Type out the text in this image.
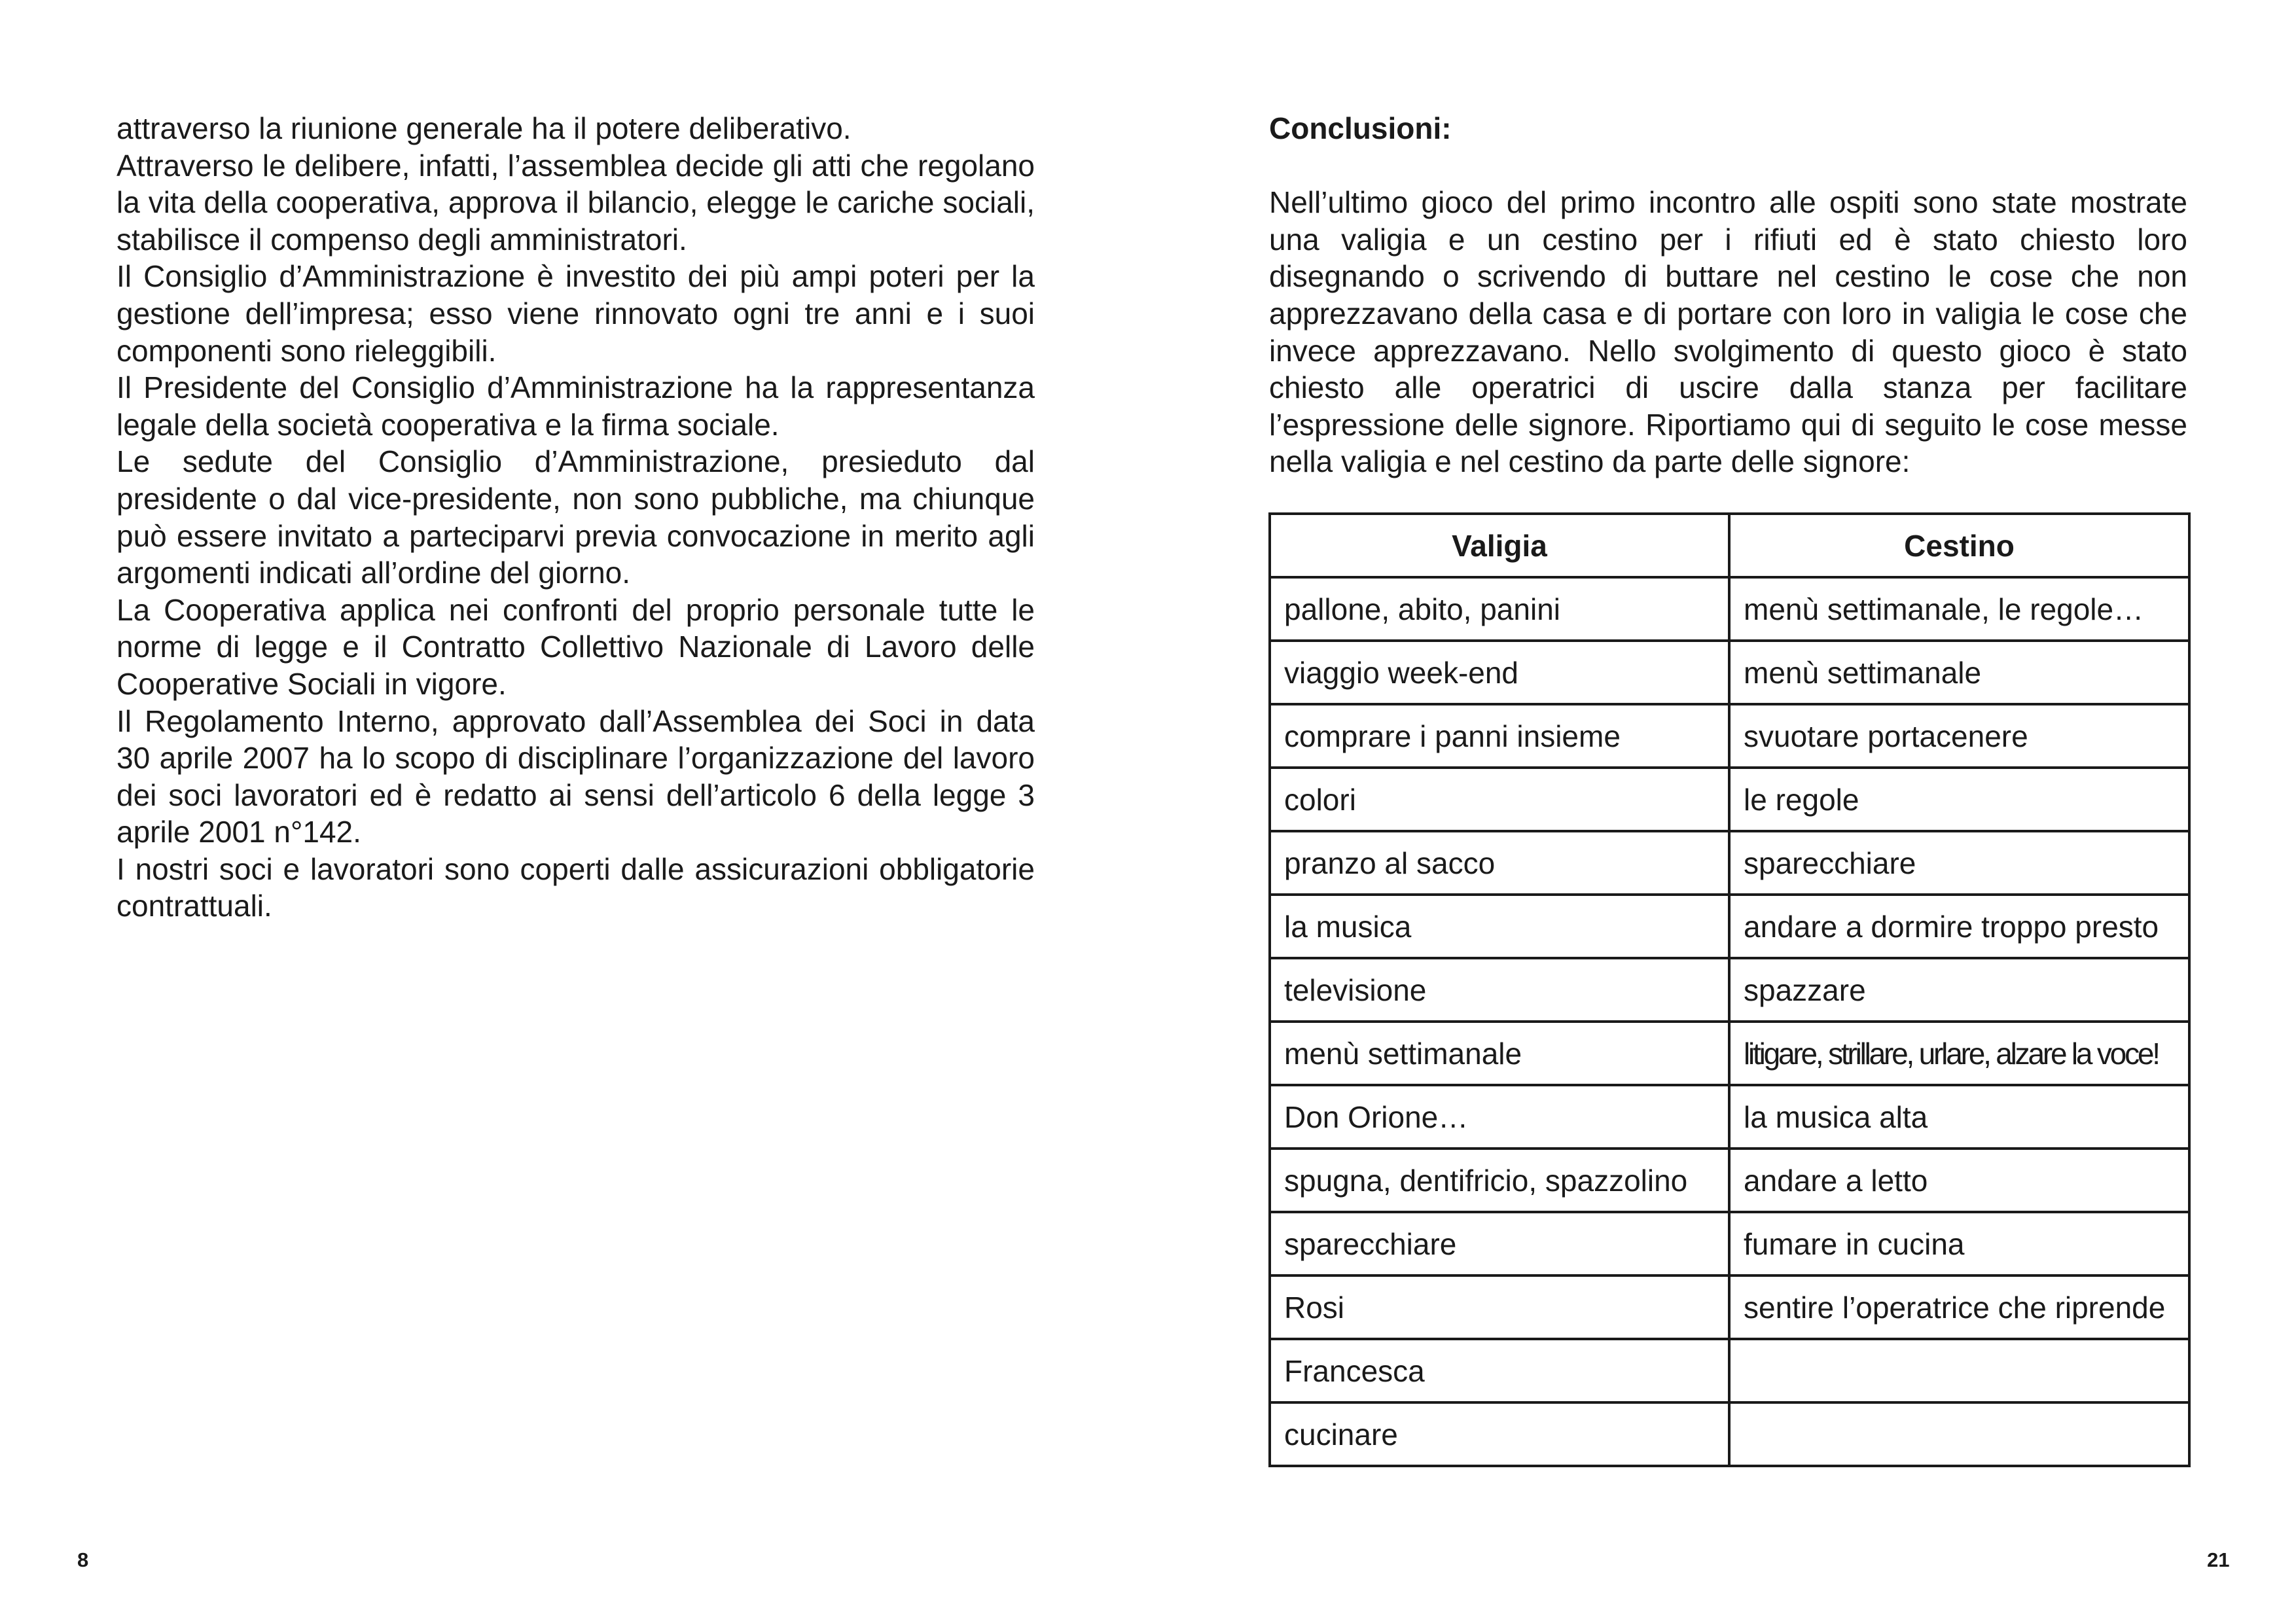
attraverso la riunione generale ha il potere deliberativo.

Attraverso le delibere, infatti, l’assemblea decide gli atti che regolano la vita della cooperativa, approva il bilancio, elegge le cariche sociali, stabilisce il compenso degli amministratori.

Il Consiglio d’Amministrazione è investito dei più ampi poteri per la gestione dell’impresa; esso viene rinnovato ogni tre anni e i suoi componenti sono rieleggibili.

Il Presidente del Consiglio d’Amministrazione ha la rappresentanza legale della società cooperativa e la firma sociale.

Le sedute del Consiglio d’Amministrazione, presieduto dal presidente o dal vice-presidente, non sono pubbliche, ma chiunque può essere invitato a parteciparvi previa convocazione in merito agli argomenti indicati all’ordine del giorno.

La Cooperativa applica nei confronti del proprio personale tutte le norme di legge e il Contratto Collettivo Nazionale di Lavoro delle Cooperative Sociali in vigore.

Il Regolamento Interno, approvato dall’Assemblea dei Soci in data 30 aprile 2007 ha lo scopo di disciplinare l’organizzazione del lavoro dei soci lavoratori ed è redatto ai sensi dell’articolo 6 della legge 3 aprile 2001 n°142.

I nostri soci e lavoratori sono coperti dalle assicurazioni obbligatorie contrattuali.

8

Conclusioni:

Nell’ultimo gioco del primo incontro alle ospiti sono state mostrate una valigia e un cestino per i rifiuti ed è stato chiesto loro disegnando o scrivendo di buttare nel cestino le cose che non apprezzavano della casa e di portare con loro in valigia le cose che invece apprezzavano. Nello svolgimento di questo gioco è stato chiesto alle operatrici di uscire dalla stanza per facilitare l’espressione delle signore. Riportiamo qui di seguito le cose messe nella valigia e nel cestino da parte delle signore:

Valigia	Cestino
pallone, abito, panini	menù settimanale, le regole…
viaggio week-end	menù settimanale
comprare i panni insieme	svuotare portacenere
colori	le regole
pranzo al sacco	sparecchiare
la musica	andare a dormire troppo presto
televisione	spazzare
menù settimanale	litigare, strillare, urlare, alzare la voce!
Don Orione…	la musica alta
spugna, dentifricio, spazzolino	andare a letto
sparecchiare	fumare in cucina
Rosi	sentire l’operatrice che riprende
Francesca	
cucinare	
21
